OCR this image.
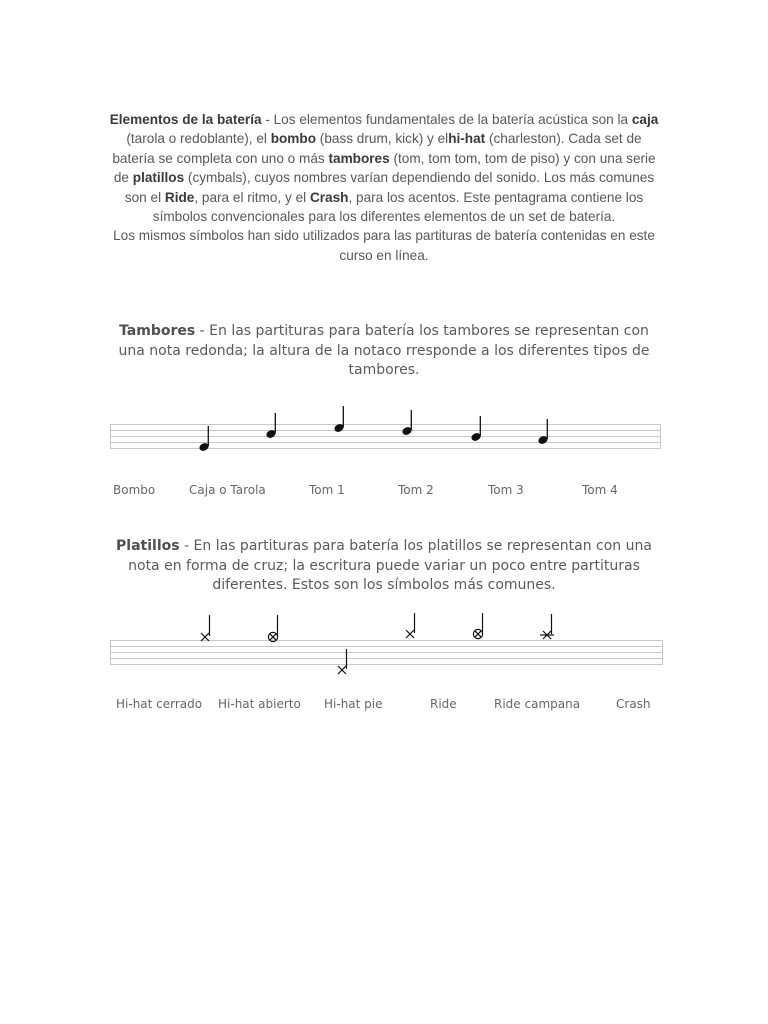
Elementos de la batería - Los elementos fundamentales de la batería acústica son la caja (tarola o redoblante), el bombo (bass drum, kick) y elhi-hat (charleston). Cada set de batería se completa con uno o más tambores (tom, tom tom, tom de piso) y con una serie de platillos (cymbals), cuyos nombres varían dependiendo del sonido. Los más comunes son el Ride, para el ritmo, y el Crash, para los acentos. Este pentagrama contiene los símbolos convencionales para los diferentes elementos de un set de batería.
Los mismos símbolos han sido utilizados para las partituras de batería contenidas en este curso en línea.
Tambores - En las partituras para batería los tambores se representan con una nota redonda; la altura de la notaco rresponde a los diferentes tipos de tambores.
Bombo	Caja o Tarola	Tom 1	Tom 2	Tom 3	Tom 4
Platillos - En las partituras para batería los platillos se representan con una nota en forma de cruz; la escritura puede variar un poco entre partituras diferentes. Estos son los símbolos más comunes.
Hi-hat cerrado Hi-hat abierto Hi-hat pie	Ride	Ride campana	Crash
